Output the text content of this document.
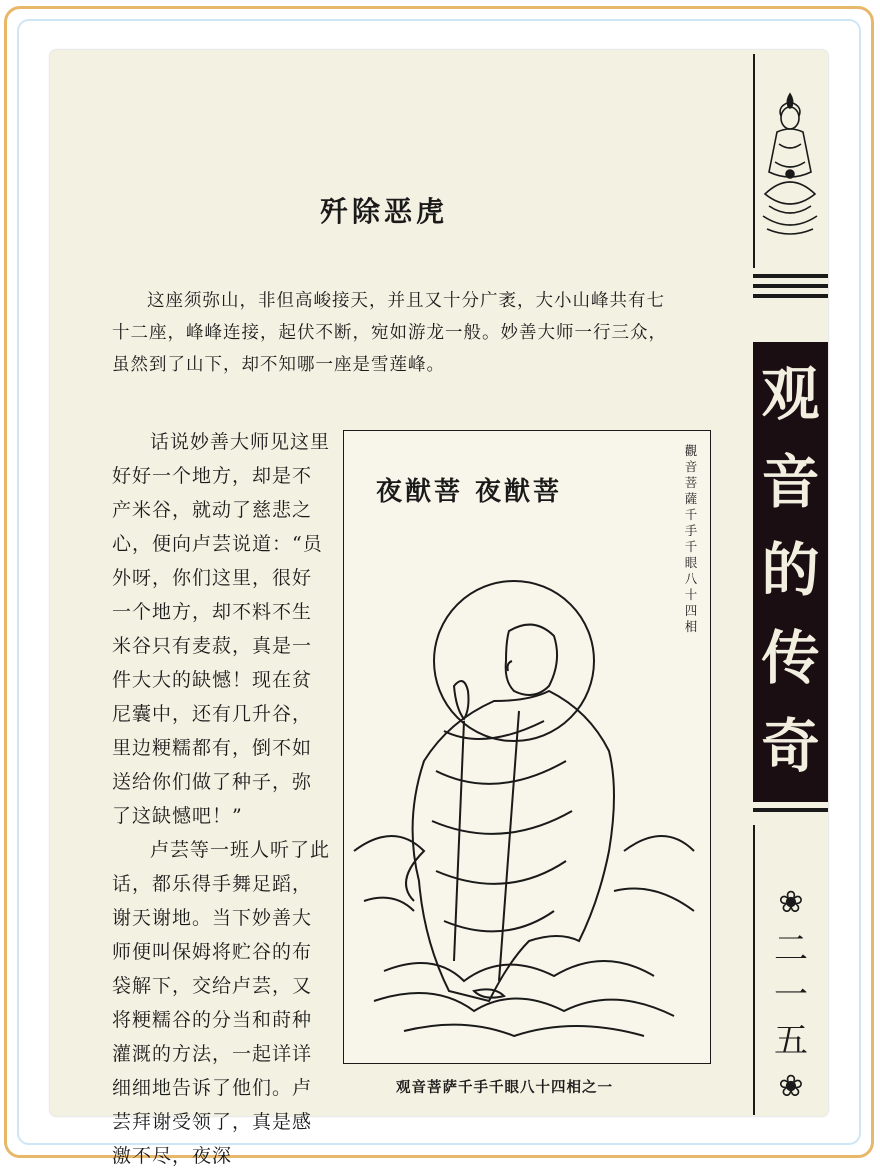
观
音
的
传
奇
❀
二
一
五
❀
歼除恶虎

这座须弥山，非但高峻接天，并且又十分广袤，大小山峰共有七十二座，峰峰连接，起伏不断，宛如游龙一般。妙善大师一行三众，虽然到了山下，却不知哪一座是雪莲峰。

话说妙善大师见这里好好一个地方，却是不产米谷，就动了慈悲之心，便向卢芸说道：“员外呀，你们这里，很好一个地方，却不料不生米谷只有麦菽，真是一件大大的缺憾！现在贫尼囊中，还有几升谷，里边粳糯都有，倒不如送给你们做了种子，弥了这缺憾吧！”

卢芸等一班人听了此话，都乐得手舞足蹈，谢天谢地。当下妙善大师便叫保姆将贮谷的布袋解下，交给卢芸，又将粳糯谷的分当和莳种灌溉的方法，一起详详细细地告诉了他们。卢芸拜谢受领了，真是感激不尽，夜深

夜猷菩 夜猷菩
觀
音
菩
薩
千
手
千
眼
八
十
四
相
观音菩萨千手千眼八十四相之一
